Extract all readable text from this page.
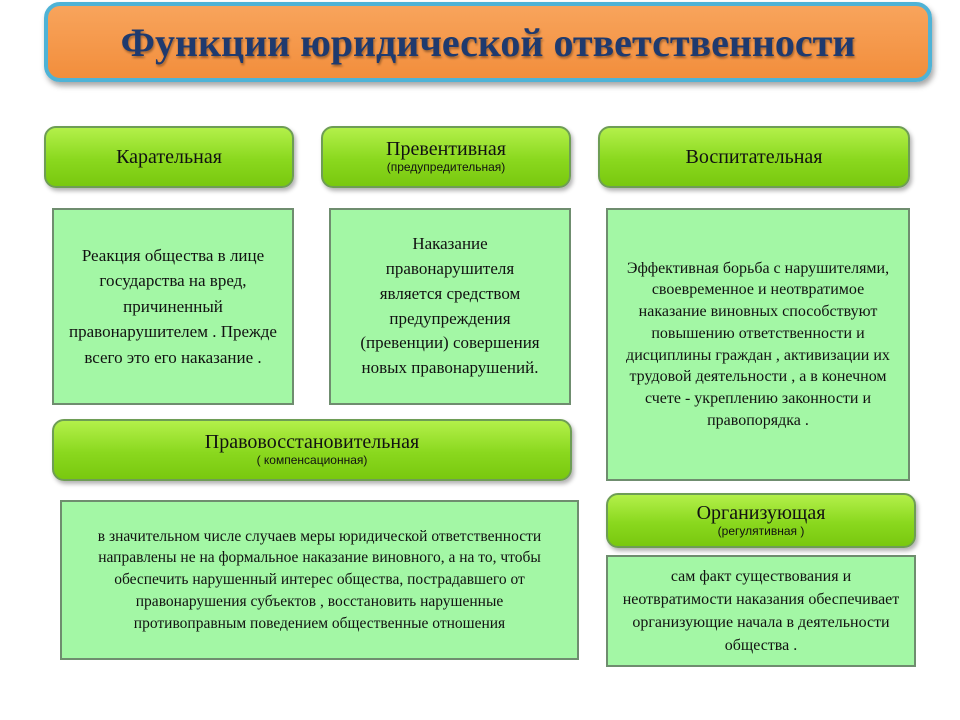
Функции юридической ответственности
Карательная
Реакция общества в лице государства на вред, причиненный правонарушителем . Прежде всего это его наказание .
Превентивная
(предупредительная)
Наказание правонарушителя является средством предупреждения (превенции) совершения новых правонарушений.
Воспитательная
Эффективная борьба с нарушителями, своевременное и неотвратимое наказание виновных способствуют повышению ответственности и дисциплины граждан , активизации их трудовой деятельности , а в конечном счете - укреплению законности и правопорядка .
Правовосстановительная
( компенсационная)
в значительном числе случаев меры юридической ответственности направлены не на формальное наказание виновного, а на то, чтобы обеспечить нарушенный интерес общества, пострадавшего от правонарушения субъектов , восстановить нарушенные противоправным поведением общественные отношения
Организующая
(регулятивная )
сам факт существования и неотвратимости наказания обеспечивает организующие начала в деятельности общества .
